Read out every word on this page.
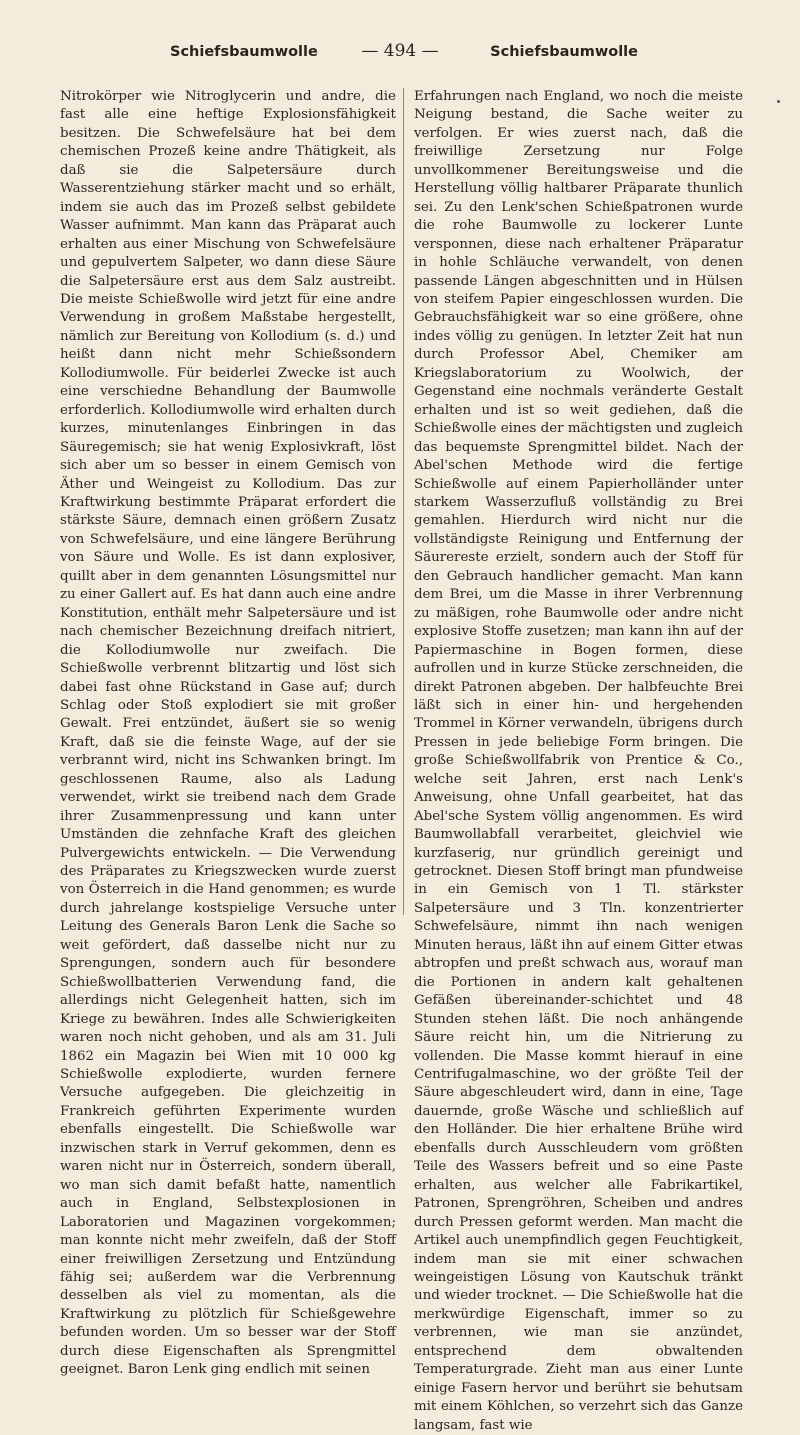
Schiefsbaumwolle	— 494 —	Schiefsbaumwolle

Nitrokörper wie Nitroglycerin und andre, die fast alle eine heftige Explosionsfähigkeit besitzen. Die Schwefelsäure hat bei dem chemischen Prozeß keine andre Thätigkeit, als daß sie die Salpetersäure durch Wasserentziehung stärker macht und so erhält, indem sie auch das im Prozeß selbst gebildete Wasser aufnimmt. Man kann das Präparat auch erhalten aus einer Mischung von Schwefelsäure und gepulvertem Salpeter, wo dann diese Säure die Salpetersäure erst aus dem Salz austreibt. Die meiste Schießwolle wird jetzt für eine andre Verwendung in großem Maßstabe hergestellt, nämlich zur Bereitung von Kollodium (s. d.) und heißt dann nicht mehr Schießsondern Kollodiumwolle. Für beiderlei Zwecke ist auch eine verschiedne Behandlung der Baumwolle erforderlich. Kollodiumwolle wird erhalten durch kurzes, minutenlanges Einbringen in das Säuregemisch; sie hat wenig Explosivkraft, löst sich aber um so besser in einem Gemisch von Äther und Weingeist zu Kollodium. Das zur Kraftwirkung bestimmte Präparat erfordert die stärkste Säure, demnach einen größern Zusatz von Schwefelsäure, und eine längere Berührung von Säure und Wolle. Es ist dann explosiver, quillt aber in dem genannten Lösungsmittel nur zu einer Gallert auf. Es hat dann auch eine andre Konstitution, enthält mehr Salpetersäure und ist nach chemischer Bezeichnung dreifach nitriert, die Kollodiumwolle nur zweifach. Die Schießwolle verbrennt blitzartig und löst sich dabei fast ohne Rückstand in Gase auf; durch Schlag oder Stoß explodiert sie mit großer Gewalt. Frei entzündet, äußert sie so wenig Kraft, daß sie die feinste Wage, auf der sie verbrannt wird, nicht ins Schwanken bringt. Im geschlossenen Raume, also als Ladung verwendet, wirkt sie treibend nach dem Grade ihrer Zusammenpressung und kann unter Umständen die zehnfache Kraft des gleichen Pulvergewichts entwickeln. — Die Verwendung des Präparates zu Kriegszwecken wurde zuerst von Österreich in die Hand genommen; es wurde durch jahrelange kostspielige Versuche unter Leitung des Generals Baron Lenk die Sache so weit gefördert, daß dasselbe nicht nur zu Sprengungen, sondern auch für besondere Schießwollbatterien Verwendung fand, die allerdings nicht Gelegenheit hatten, sich im Kriege zu bewähren. Indes alle Schwierigkeiten waren noch nicht gehoben, und als am 31. Juli 1862 ein Magazin bei Wien mit 10 000 kg Schießwolle explodierte, wurden fernere Versuche aufgegeben. Die gleichzeitig in Frankreich geführten Experimente wurden ebenfalls eingestellt. Die Schießwolle war inzwischen stark in Verruf gekommen, denn es waren nicht nur in Österreich, sondern überall, wo man sich damit befaßt hatte, namentlich auch in England, Selbstexplosionen in Laboratorien und Magazinen vorgekommen; man konnte nicht mehr zweifeln, daß der Stoff einer freiwilligen Zersetzung und Entzündung fähig sei; außerdem war die Verbrennung desselben als viel zu momentan, als die Kraftwirkung zu plötzlich für Schießgewehre befunden worden. Um so besser war der Stoff durch diese Eigenschaften als Sprengmittel geeignet. Baron Lenk ging endlich mit seinen

Erfahrungen nach England, wo noch die meiste Neigung bestand, die Sache weiter zu verfolgen. Er wies zuerst nach, daß die freiwillige Zersetzung nur Folge unvollkommener Bereitungsweise und die Herstellung völlig haltbarer Präparate thunlich sei. Zu den Lenk'schen Schießpatronen wurde die rohe Baumwolle zu lockerer Lunte versponnen, diese nach erhaltener Präparatur in hohle Schläuche verwandelt, von denen passende Längen abgeschnitten und in Hülsen von steifem Papier eingeschlossen wurden. Die Gebrauchsfähigkeit war so eine größere, ohne indes völlig zu genügen. In letzter Zeit hat nun durch Professor Abel, Chemiker am Kriegslaboratorium zu Woolwich, der Gegenstand eine nochmals veränderte Gestalt erhalten und ist so weit gediehen, daß die Schießwolle eines der mächtigsten und zugleich das bequemste Sprengmittel bildet. Nach der Abel'schen Methode wird die fertige Schießwolle auf einem Papierholländer unter starkem Wasserzufluß vollständig zu Brei gemahlen. Hierdurch wird nicht nur die vollständigste Reinigung und Entfernung der Säurereste erzielt, sondern auch der Stoff für den Gebrauch handlicher gemacht. Man kann dem Brei, um die Masse in ihrer Verbrennung zu mäßigen, rohe Baumwolle oder andre nicht explosive Stoffe zusetzen; man kann ihn auf der Papiermaschine in Bogen formen, diese aufrollen und in kurze Stücke zerschneiden, die direkt Patronen abgeben. Der halbfeuchte Brei läßt sich in einer hin- und hergehenden Trommel in Körner verwandeln, übrigens durch Pressen in jede beliebige Form bringen. Die große Schießwollfabrik von Prentice & Co., welche seit Jahren, erst nach Lenk's Anweisung, ohne Unfall gearbeitet, hat das Abel'sche System völlig angenommen. Es wird Baumwollabfall verarbeitet, gleichviel wie kurzfaserig, nur gründlich gereinigt und getrocknet. Diesen Stoff bringt man pfundweise in ein Gemisch von 1 Tl. stärkster Salpetersäure und 3 Tln. konzentrierter Schwefelsäure, nimmt ihn nach wenigen Minuten heraus, läßt ihn auf einem Gitter etwas abtropfen und preßt schwach aus, worauf man die Portionen in andern kalt gehaltenen Gefäßen übereinander-schichtet und 48 Stunden stehen läßt. Die noch anhängende Säure reicht hin, um die Nitrierung zu vollenden. Die Masse kommt hierauf in eine Centrifugalmaschine, wo der größte Teil der Säure abgeschleudert wird, dann in eine, Tage dauernde, große Wäsche und schließlich auf den Holländer. Die hier erhaltene Brühe wird ebenfalls durch Ausschleudern vom größten Teile des Wassers befreit und so eine Paste erhalten, aus welcher alle Fabrikartikel, Patronen, Sprengröhren, Scheiben und andres durch Pressen geformt werden. Man macht die Artikel auch unempfindlich gegen Feuchtigkeit, indem man sie mit einer schwachen weingeistigen Lösung von Kautschuk tränkt und wieder trocknet. — Die Schießwolle hat die merkwürdige Eigenschaft, immer so zu verbrennen, wie man sie anzündet, entsprechend dem obwaltenden Temperaturgrade. Zieht man aus einer Lunte einige Fasern hervor und berührt sie behutsam mit einem Köhlchen, so verzehrt sich das Ganze langsam, fast wie
